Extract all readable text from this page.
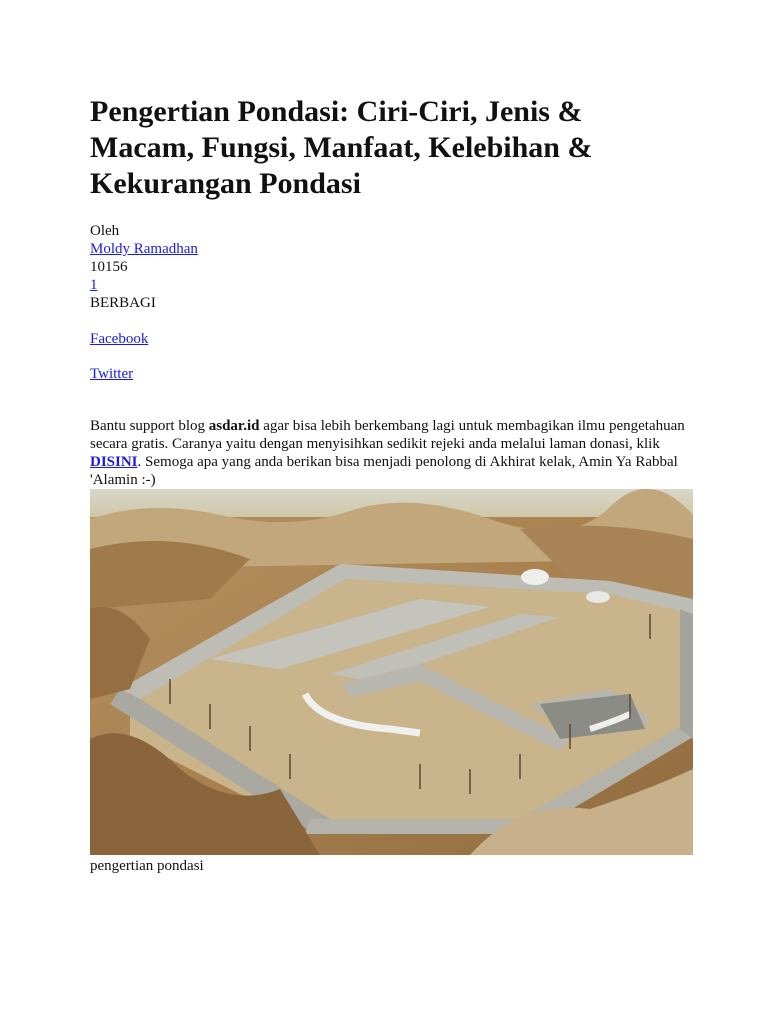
Pengertian Pondasi: Ciri-Ciri, Jenis & Macam, Fungsi, Manfaat, Kelebihan & Kekurangan Pondasi
Oleh
Moldy Ramadhan
10156
1
BERBAGI
Facebook
Twitter
Bantu support blog asdar.id agar bisa lebih berkembang lagi untuk membagikan ilmu pengetahuan secara gratis. Caranya yaitu dengan menyisihkan sedikit rejeki anda melalui laman donasi, klik DISINI. Semoga apa yang anda berikan bisa menjadi penolong di Akhirat kelak, Amin Ya Rabbal 'Alamin :-)
pengertian pondasi
